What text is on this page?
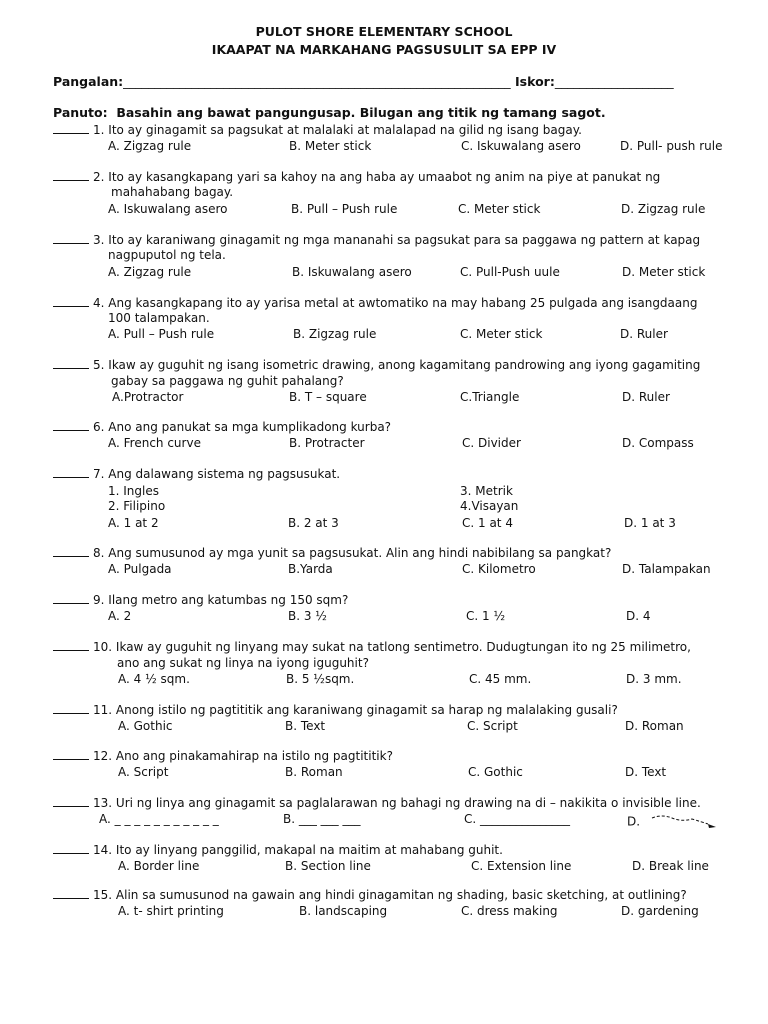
PULOT SHORE ELEMENTARY SCHOOL
IKAAPAT NA MARKAHANG PAGSUSULIT SA EPP IV
Pangalan:______________________________________________________________ Iskor:___________________
Panuto: Basahin ang bawat pangungusap. Bilugan ang titik ng tamang sagot.
1. Ito ay ginagamit sa pagsukat at malalaki at malalapad na gilid ng isang bagay.
A. Zigzag rule	B. Meter stick	C. Iskuwalang asero	D. Pull- push rule
2. Ito ay kasangkapang yari sa kahoy na ang haba ay umaabot ng anim na piye at panukat ng
mahahabang bagay.
A. Iskuwalang asero	B. Pull – Push rule	C. Meter stick	D. Zigzag rule
3. Ito ay karaniwang ginagamit ng mga mananahi sa pagsukat para sa paggawa ng pattern at kapag
nagpuputol ng tela.
A. Zigzag rule	B. Iskuwalang asero	C. Pull-Push uule	D. Meter stick
4. Ang kasangkapang ito ay yarisa metal at awtomatiko na may habang 25 pulgada ang isangdaang
100 talampakan.
A. Pull – Push rule	B. Zigzag rule	C. Meter stick	D. Ruler
5. Ikaw ay guguhit ng isang isometric drawing, anong kagamitang pandrowing ang iyong gagamiting
gabay sa paggawa ng guhit pahalang?
A.Protractor	B. T – square	C.Triangle	D. Ruler
6. Ano ang panukat sa mga kumplikadong kurba?
A. French curve	B. Protracter	C. Divider	D. Compass
7. Ang dalawang sistema ng pagsusukat.
1. Ingles	3. Metrik
2. Filipino	4.Visayan
A. 1 at 2	B. 2 at 3	C. 1 at 4	D. 1 at 3
8. Ang sumusunod ay mga yunit sa pagsusukat. Alin ang hindi nabibilang sa pangkat?
A. Pulgada	B.Yarda	C. Kilometro	D. Talampakan
9. Ilang metro ang katumbas ng 150 sqm?
A. 2	B. 3 ½	C. 1 ½	D. 4
10. Ikaw ay guguhit ng linyang may sukat na tatlong sentimetro. Dudugtungan ito ng 25 milimetro,
ano ang sukat ng linya na iyong iguguhit?
A. 4 ½ sqm.	B. 5 ½sqm.	C. 45 mm.	D. 3 mm.
11. Anong istilo ng pagtititik ang karaniwang ginagamit sa harap ng malalaking gusali?
A. Gothic	B. Text	C. Script	D. Roman
12. Ano ang pinakamahirap na istilo ng pagtititik?
A. Script	B. Roman	C. Gothic	D. Text
13. Uri ng linya ang ginagamit sa paglalarawan ng bahagi ng drawing na di – nakikita o invisible line.
A. _ _ _ _ _ _ _ _ _ _ _	B. ___ ___ ___	C. _______________	D.
14. Ito ay linyang panggilid, makapal na maitim at mahabang guhit.
A. Border line	B. Section line	C. Extension line	D. Break line
15. Alin sa sumusunod na gawain ang hindi ginagamitan ng shading, basic sketching, at outlining?
A. t- shirt printing	B. landscaping	C. dress making	D. gardening
